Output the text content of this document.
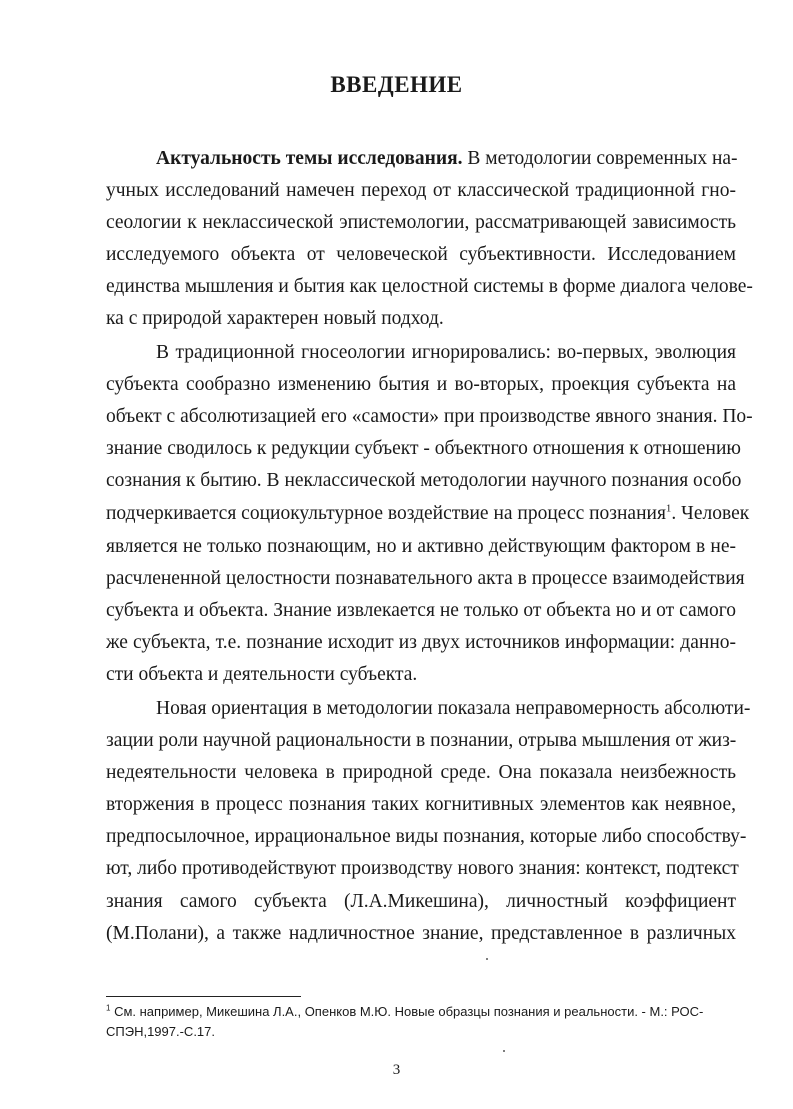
ВВЕДЕНИЕ
Актуальность темы исследования. В методологии современных на-
учных исследований намечен переход от классической традиционной гно-
сеологии к неклассической эпистемологии, рассматривающей зависимость
исследуемого объекта от человеческой субъективности. Исследованием
единства мышления и бытия как целостной системы в форме диалога челове-
ка с природой характерен новый подход.
В традиционной гносеологии игнорировались: во-первых, эволюция
субъекта сообразно изменению бытия и во-вторых, проекция субъекта на
объект с абсолютизацией его «самости» при производстве явного знания. По-
знание сводилось к редукции субъект - объектного отношения к отношению
сознания к бытию. В неклассической методологии научного познания особо
подчеркивается социокультурное воздействие на процесс познания$^1$. Человек
является не только познающим, но и активно действующим фактором в не-
расчлененной целостности познавательного акта в процессе взаимодействия
субъекта и объекта. Знание извлекается не только от объекта но и от самого
же субъекта, т.е. познание исходит из двух источников информации: даннo-
сти объекта и деятельности субъекта.
Новая ориентация в методологии показала неправомерность абсолюти-
зации роли научной рациональности в познании, отрыва мышления от жиз-
недеятельности человека в природной среде. Она показала неизбежность
вторжения в процесс познания таких когнитивных элементов как неявное,
предпосылочное, иррациональное виды познания, которые либо способству-
ют, либо противодействуют производству нового знания: контекст, подтекст
знания самого субъекта (Л.А.Микешина), личностный коэффициент
(М.Полани), а также надличностное знание, представленное в различных
$^1$ См. например, Микешина Л.А., Опенков М.Ю. Новые образцы познания и реальности. - М.: РОС-
СПЭН,1997.-С.17.
3
